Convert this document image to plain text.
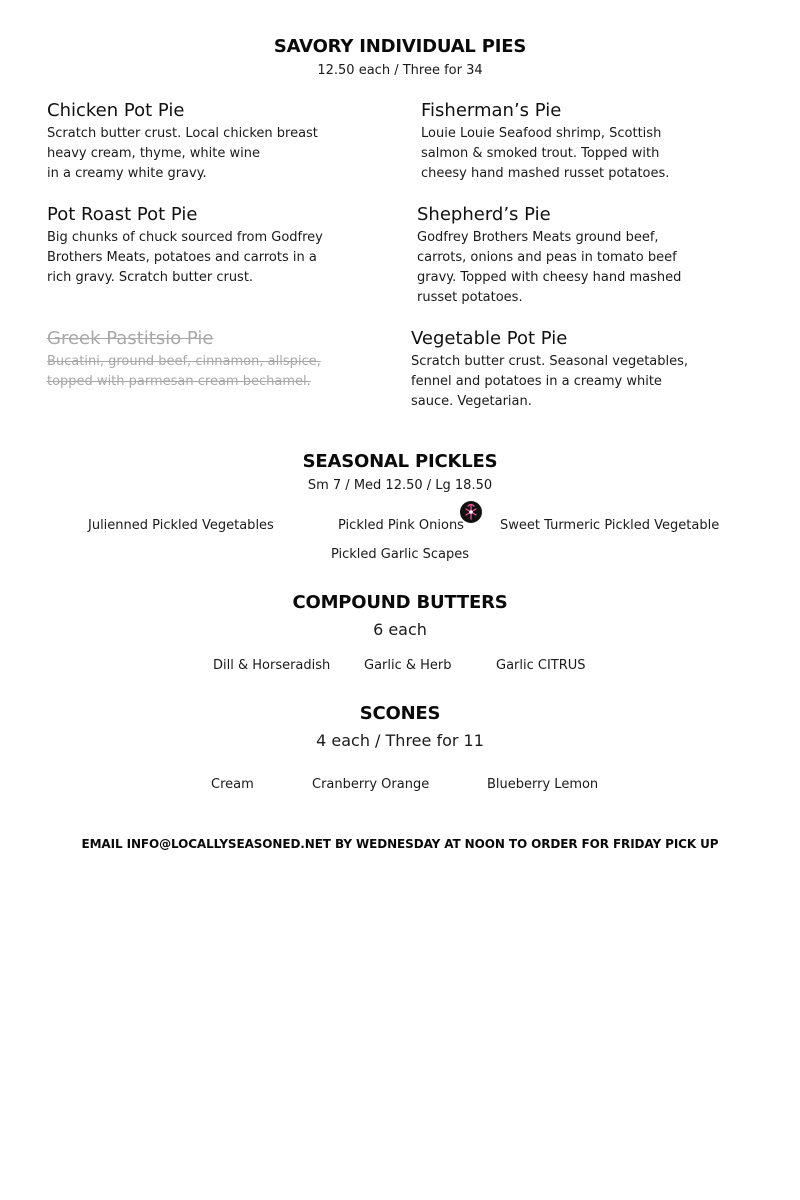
SAVORY INDIVIDUAL PIES
12.50 each / Three for 34
Chicken Pot Pie
Scratch butter crust. Local chicken breast
heavy cream, thyme, white wine
in a creamy white gravy.
Fisherman’s Pie
Louie Louie Seafood shrimp, Scottish
salmon & smoked trout. Topped with
cheesy hand mashed russet potatoes.
Pot Roast Pot Pie
Big chunks of chuck sourced from Godfrey
Brothers Meats, potatoes and carrots in a
rich gravy. Scratch butter crust.
Shepherd’s Pie
Godfrey Brothers Meats ground beef,
carrots, onions and peas in tomato beef
gravy. Topped with cheesy hand mashed
russet potatoes.
Greek Pastitsio Pie
Bucatini, ground beef, cinnamon, allspice,
topped with parmesan cream bechamel.
Vegetable Pot Pie
Scratch butter crust. Seasonal vegetables,
fennel and potatoes in a creamy white
sauce. Vegetarian.
SEASONAL PICKLES
Sm 7 / Med 12.50 / Lg 18.50
Julienned Pickled Vegetables	Pickled Pink Onions	Sweet Turmeric Pickled Vegetable
Pickled Garlic Scapes
COMPOUND BUTTERS
6 each
Dill & Horseradish	Garlic & Herb	Garlic CITRUS
SCONES
4 each / Three for 11
Cream	Cranberry Orange	Blueberry Lemon
EMAIL INFO@LOCALLYSEASONED.NET BY WEDNESDAY AT NOON TO ORDER FOR FRIDAY PICK UP
